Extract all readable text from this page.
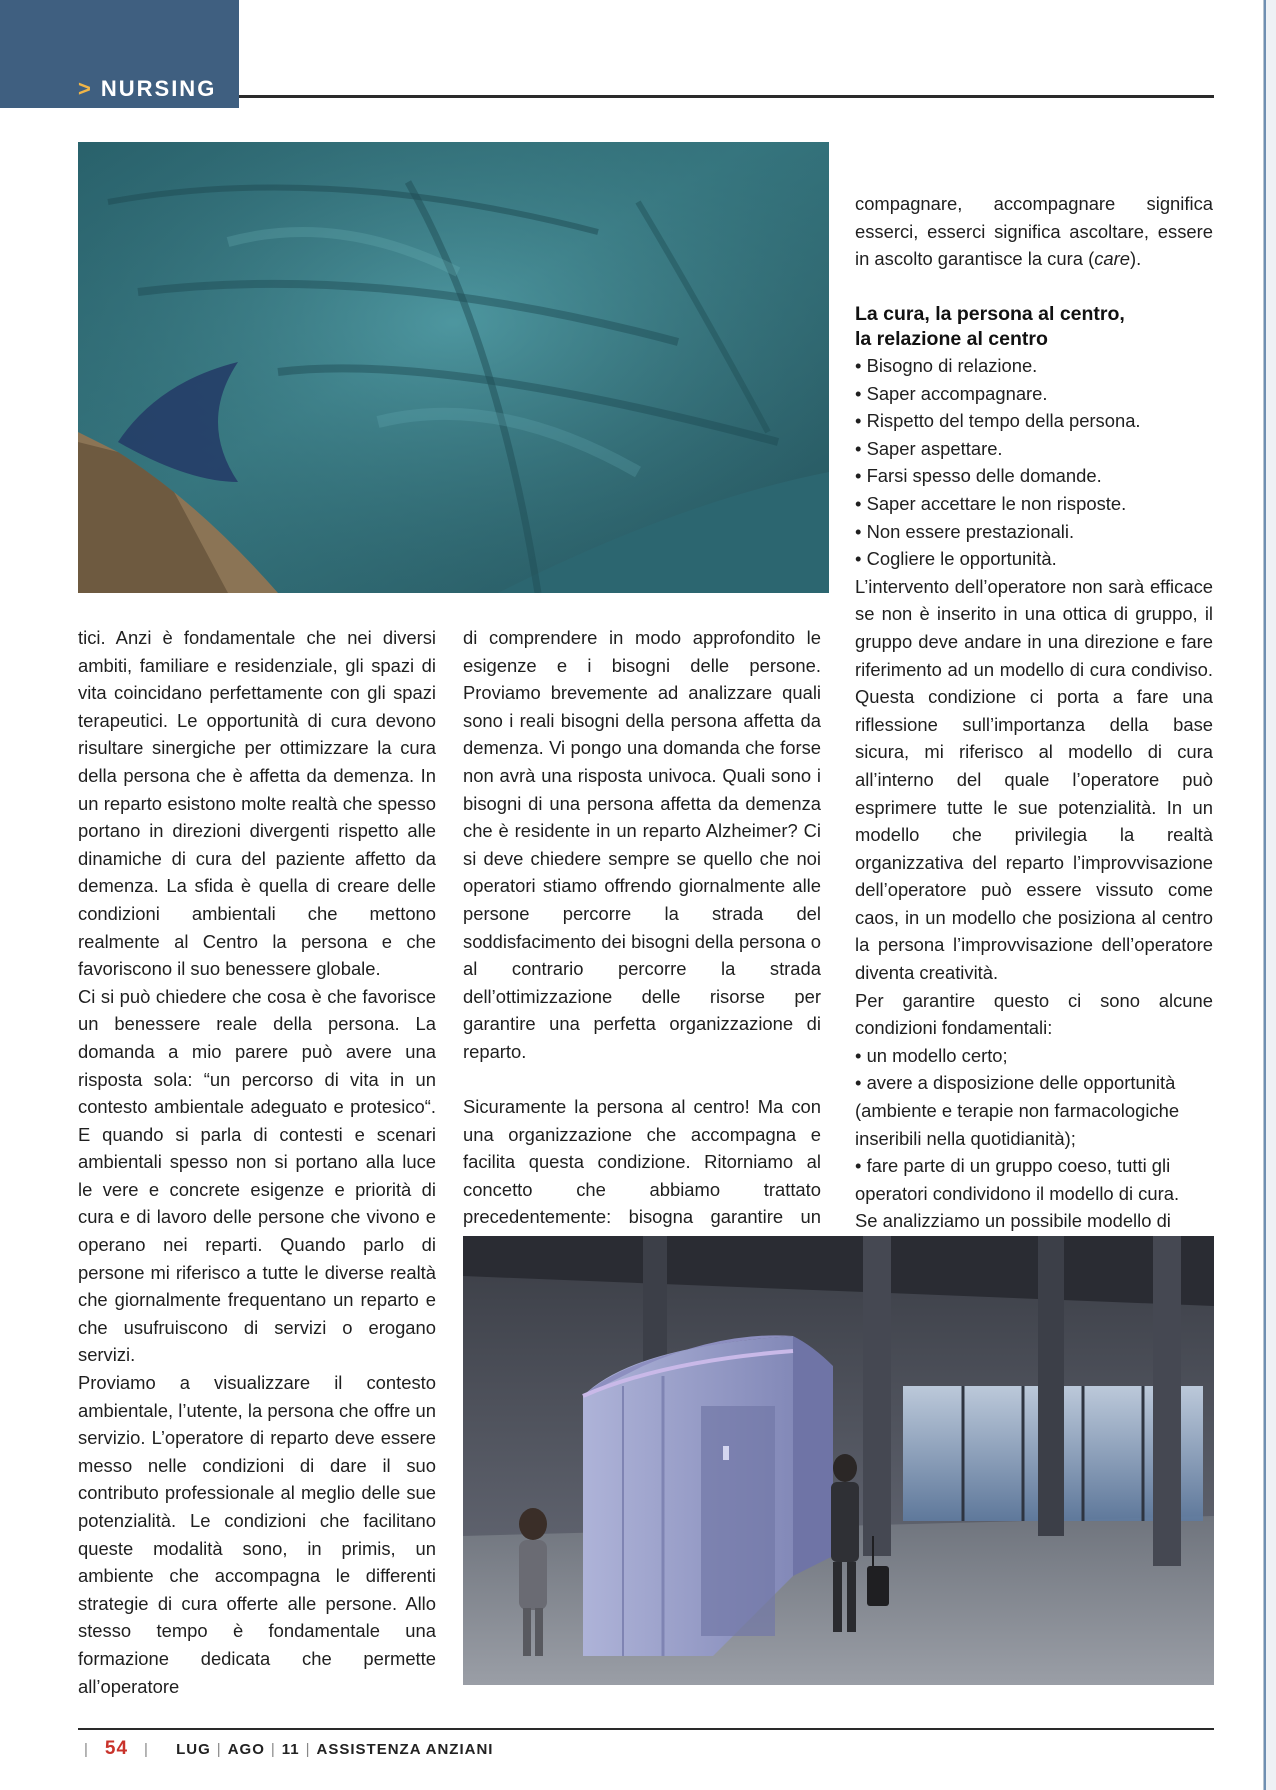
> NURSING

compagnare, accompagnare significa esserci, esserci significa ascoltare, essere in ascolto garantisce la cura (care).

La cura, la persona al centro,
la relazione al centro
• Bisogno di relazione.
• Saper accompagnare.
• Rispetto del tempo della persona.
• Saper aspettare.
• Farsi spesso delle domande.
• Saper accettare le non risposte.
• Non essere prestazionali.
• Cogliere le opportunità.

L’intervento dell’operatore non sarà efficace se non è inserito in una ottica di gruppo, il gruppo deve andare in una direzione e fare riferimento ad un modello di cura condiviso. Questa condizione ci porta a fare una riflessione sull’importanza della base sicura, mi riferisco al modello di cura all’interno del quale l’operatore può esprimere tutte le sue potenzialità. In un modello che privilegia la realtà organizzativa del reparto l’improvvisazione dell’operatore può essere vissuto come caos, in un modello che posiziona al centro la persona l’improvvisazione dell’operatore diventa creatività.

Per garantire questo ci sono alcune condizioni fondamentali:

• un modello certo;
• avere a disposizione delle opportunità (ambiente e terapie non farmacologiche inseribili nella quotidianità);
• fare parte di un gruppo coeso, tutti gli operatori condividono il modello di cura.

Se analizziamo un possibile modello di

tici. Anzi è fondamentale che nei diversi ambiti, familiare e residenziale, gli spazi di vita coincidano perfettamente con gli spazi terapeutici. Le opportunità di cura devono risultare sinergiche per ottimizzare la cura della persona che è affetta da demenza. In un reparto esistono molte realtà che spesso portano in direzioni divergenti rispetto alle dinamiche di cura del paziente affetto da demenza. La sfida è quella di creare delle condizioni ambientali che mettono realmente al Centro la persona e che favoriscono il suo benessere globale.

Ci si può chiedere che cosa è che favorisce un benessere reale della persona. La domanda a mio parere può avere una risposta sola: “un percorso di vita in un contesto ambientale adeguato e protesico“. E quando si parla di contesti e scenari ambientali spesso non si portano alla luce le vere e concrete esigenze e priorità di cura e di lavoro delle persone che vivono e operano nei reparti. Quando parlo di persone mi riferisco a tutte le diverse realtà che giornalmente frequentano un reparto e che usufruiscono di servizi o erogano servizi.

Proviamo a visualizzare il contesto ambientale, l’utente, la persona che offre un servizio. L’operatore di reparto deve essere messo nelle condizioni di dare il suo contributo professionale al meglio delle sue potenzialità. Le condizioni che facilitano queste modalità sono, in primis, un ambiente che accompagna le differenti strategie di cura offerte alle persone. Allo stesso tempo è fondamentale una formazione dedicata che permette all’operatore

di comprendere in modo approfondito le esigenze e i bisogni delle persone. Proviamo brevemente ad analizzare quali sono i reali bisogni della persona affetta da demenza. Vi pongo una domanda che forse non avrà una risposta univoca. Quali sono i bisogni di una persona affetta da demenza che è residente in un reparto Alzheimer? Ci si deve chiedere sempre se quello che noi operatori stiamo offrendo giornalmente alle persone percorre la strada del soddisfacimento dei bisogni della persona o al contrario percorre la strada dell’ottimizzazione delle risorse per garantire una perfetta organizzazione di reparto.

Sicuramente la persona al centro! Ma con una organizzazione che accompagna e facilita questa condizione. Ritorniamo al concetto che abbiamo trattato precedentemente: bisogna garantire un

| 54 | LUG | AGO | 11 | ASSISTENZA ANZIANI
